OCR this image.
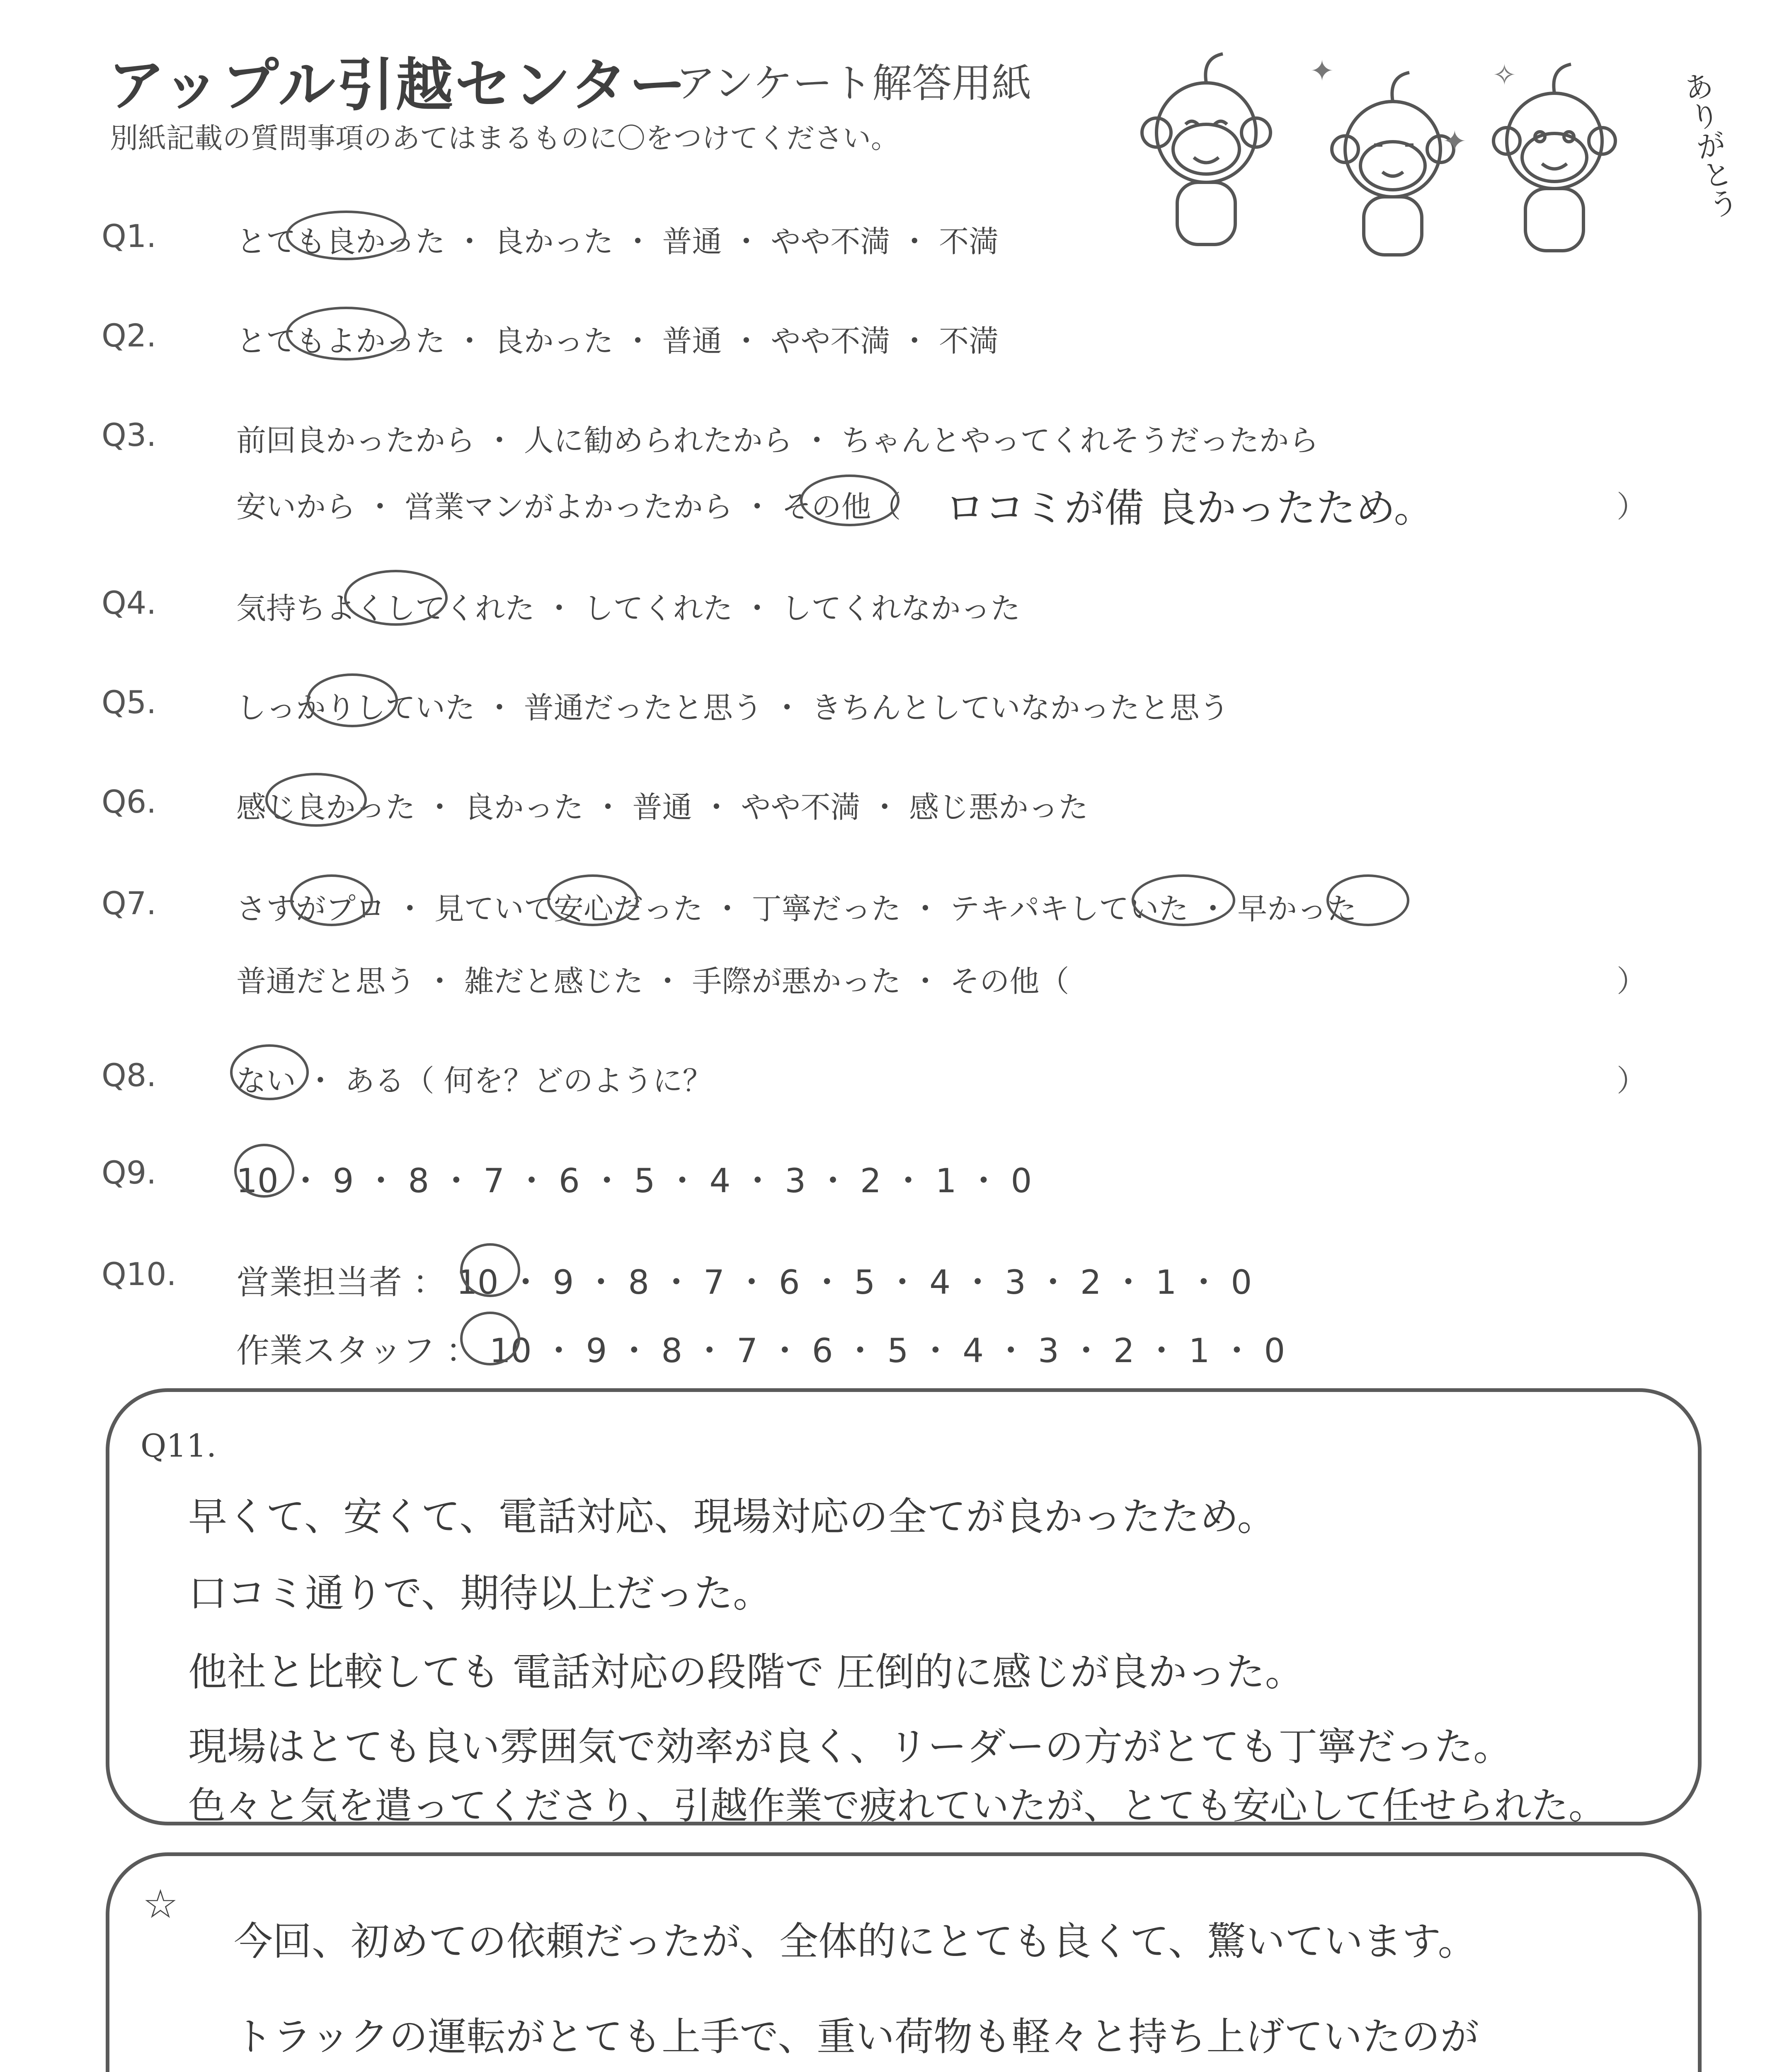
アップル引越センター
アンケート解答用紙
別紙記載の質問事項のあてはまるものに〇をつけてください。
✦
✦
✧	ありがとう
Q1.	とても良かった ・ 良かった ・ 普通 ・ やや不満 ・ 不満
Q2.	とてもよかった ・ 良かった ・ 普通 ・ やや不満 ・ 不満
Q3.	前回良かったから ・ 人に勧められたから ・ ちゃんとやってくれそうだったから
安いから ・ 営業マンがよかったから ・ その他（ ロコミが備 良かったため。	）
Q4.	気持ちよくしてくれた ・ してくれた ・ してくれなかった
Q5.	しっかりしていた ・ 普通だったと思う ・ きちんとしていなかったと思う
Q6.	感じ良かった ・ 良かった ・ 普通 ・ やや不満 ・ 感じ悪かった
Q7.	さすがプロ ・ 見ていて安心だった ・ 丁寧だった ・ テキパキしていた ・ 早かった
普通だと思う ・ 雑だと感じた ・ 手際が悪かった ・ その他（	）
Q8.	ない ・ ある（ 何を？どのように？	）
Q9. 10 ・ 9 ・ 8 ・ 7 ・ 6 ・ 5 ・ 4 ・ 3 ・ 2 ・ 1 ・ 0
Q10. 営業担当者 ： 10 ・ 9 ・ 8 ・ 7 ・ 6 ・ 5 ・ 4 ・ 3 ・ 2 ・ 1 ・ 0
作業スタッフ ： 10 ・ 9 ・ 8 ・ 7 ・ 6 ・ 5 ・ 4 ・ 3 ・ 2 ・ 1 ・ 0
Q11.
早くて、安くて、電話対応、現場対応の全てが良かったため。
口コミ通りで、期待以上だった。
他社と比較しても 電話対応の段階で 圧倒的に感じが良かった。
現場はとても良い雰囲気で効率が良く、リーダーの方がとても丁寧だった。
色々と気を遣ってくださり、引越作業で疲れていたが、とても安心して任せられた。
☆
今回、初めての依頼だったが、全体的にとても良くて、驚いています。
トラックの運転がとても上手で、重い荷物も軽々と持ち上げていたのが
